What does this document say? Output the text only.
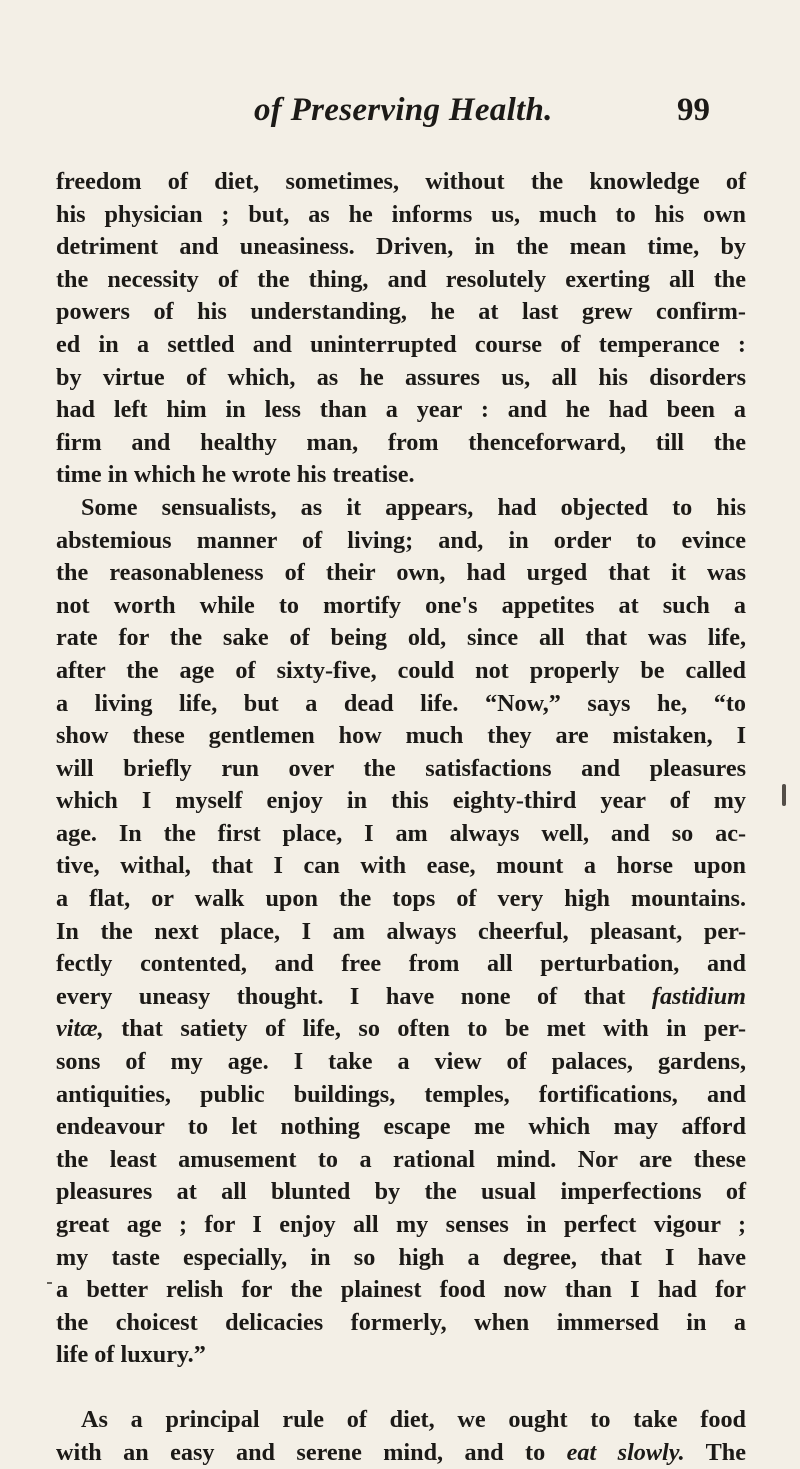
of Preserving Health.	99
freedom of diet, sometimes, without the knowledge of
his physician ; but, as he informs us, much to his own
detriment and uneasiness. Driven, in the mean time, by
the necessity of the thing, and resolutely exerting all the
powers of his understanding, he at last grew confirm-
ed in a settled and uninterrupted course of temperance :
by virtue of which, as he assures us, all his disorders
had left him in less than a year : and he had been a
firm and healthy man, from thenceforward, till the
time in which he wrote his treatise.
Some sensualists, as it appears, had objected to his
abstemious manner of living; and, in order to evince
the reasonableness of their own, had urged that it was
not worth while to mortify one's appetites at such a
rate for the sake of being old, since all that was life,
after the age of sixty-five, could not properly be called
a living life, but a dead life. “Now,” says he, “to
show these gentlemen how much they are mistaken, I
will briefly run over the satisfactions and pleasures
which I myself enjoy in this eighty-third year of my
age. In the first place, I am always well, and so ac-
tive, withal, that I can with ease, mount a horse upon
a flat, or walk upon the tops of very high mountains.
In the next place, I am always cheerful, pleasant, per-
fectly contented, and free from all perturbation, and
every uneasy thought. I have none of that fastidium
vitæ, that satiety of life, so often to be met with in per-
sons of my age. I take a view of palaces, gardens,
antiquities, public buildings, temples, fortifications, and
endeavour to let nothing escape me which may afford
the least amusement to a rational mind. Nor are these
pleasures at all blunted by the usual imperfections of
great age ; for I enjoy all my senses in perfect vigour ;
my taste especially, in so high a degree, that I have
a better relish for the plainest food now than I had for
the choicest delicacies formerly, when immersed in a
life of luxury.”
As a principal rule of diet, we ought to take food
with an easy and serene mind, and to eat slowly. The
